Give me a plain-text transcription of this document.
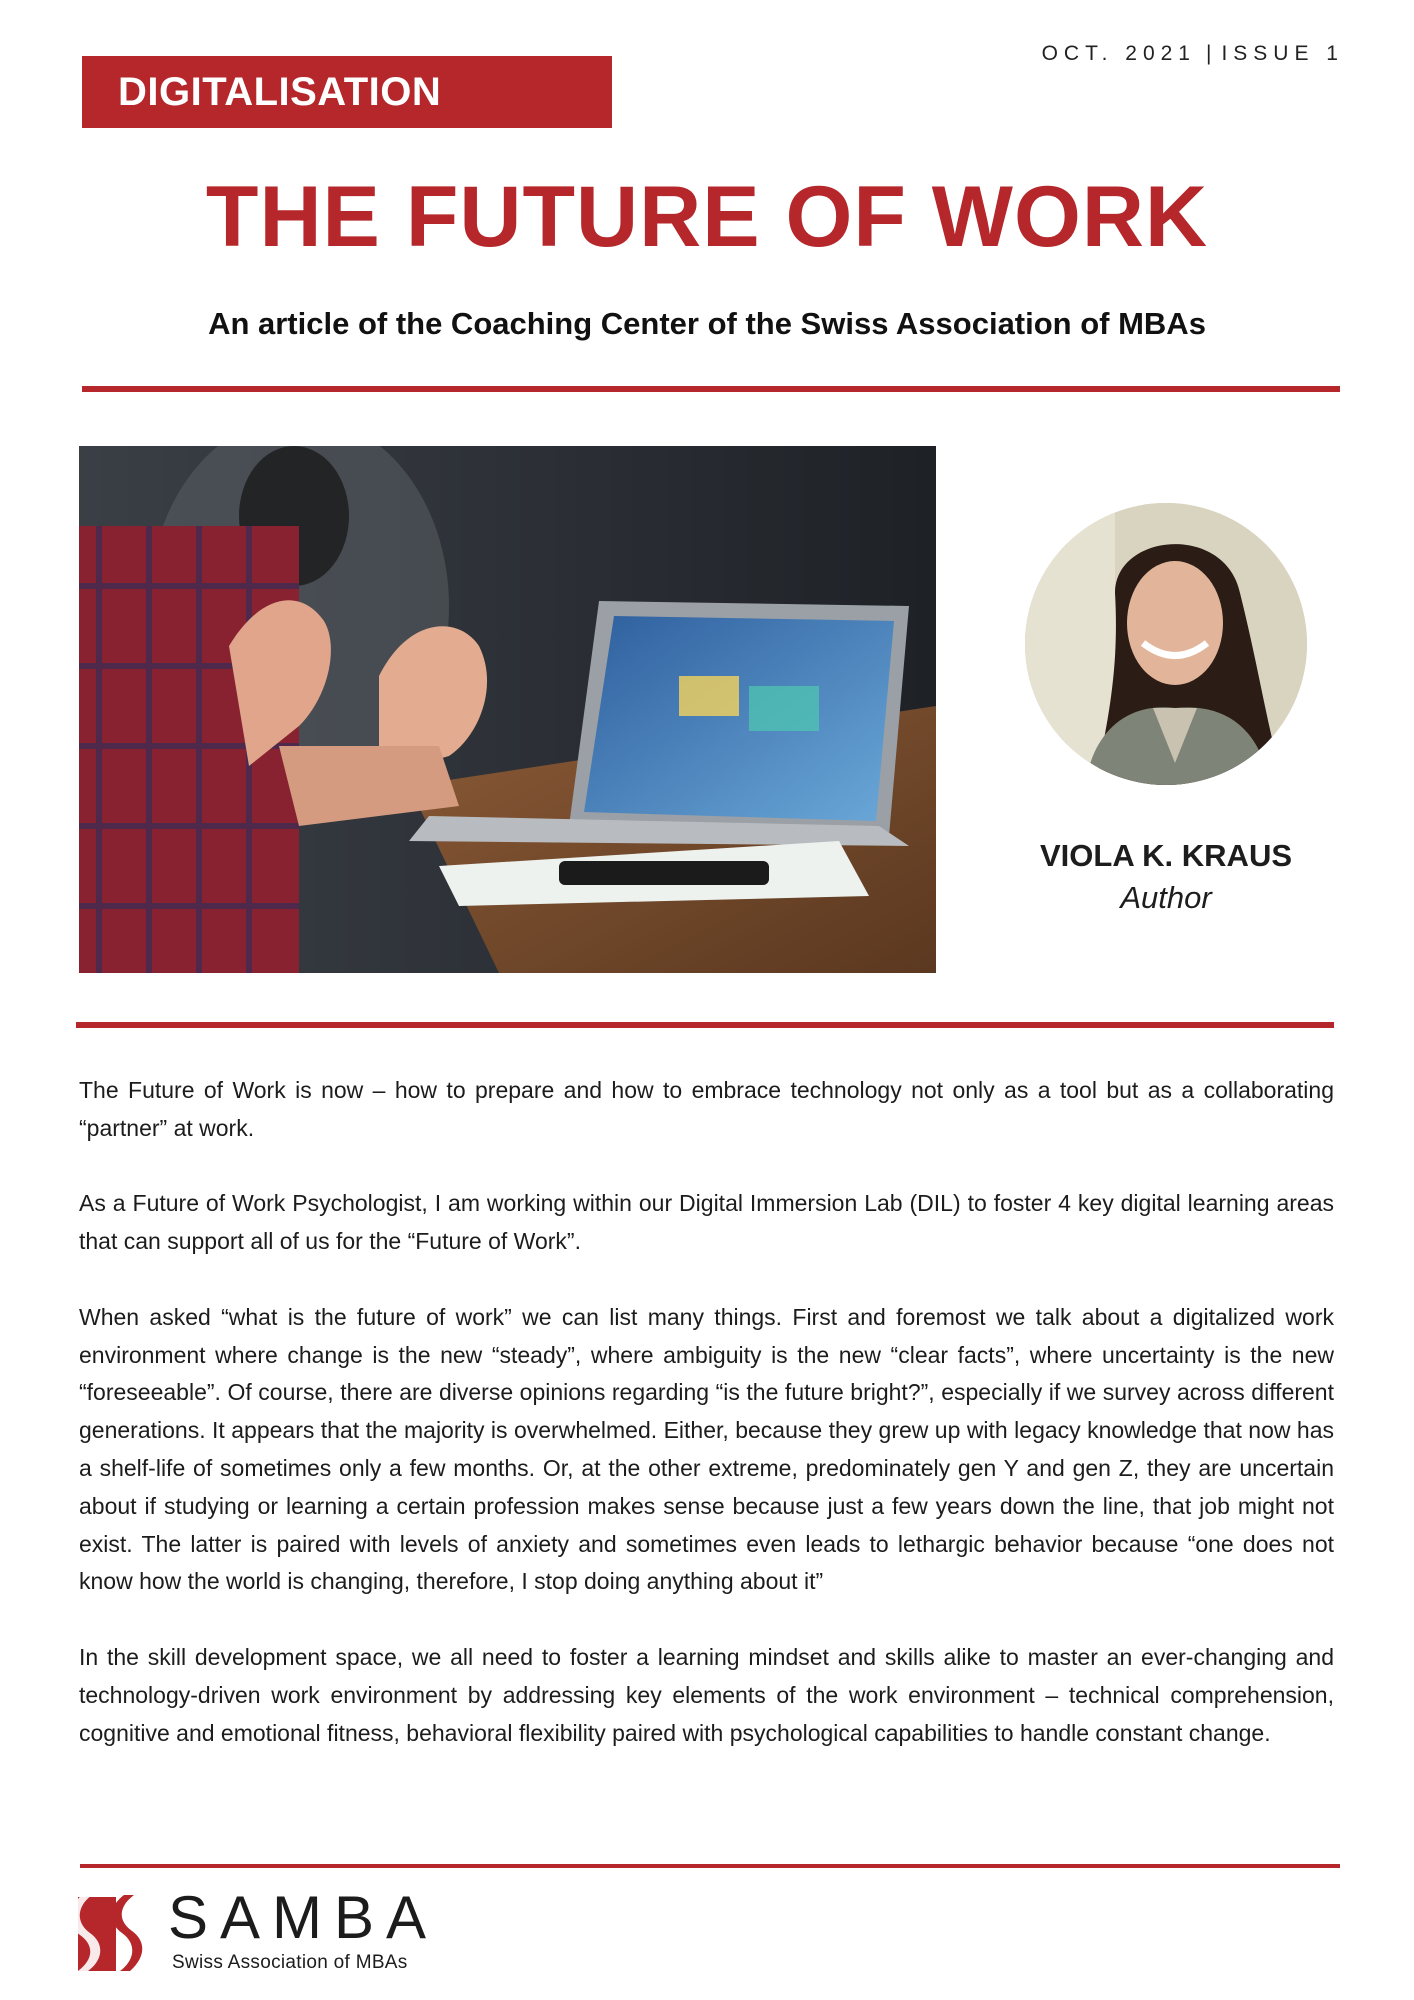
DIGITALISATION
OCT. 2021 | ISSUE 1
THE FUTURE OF WORK
An article of the Coaching Center of the Swiss Association of MBAs
VIOLA K. KRAUS
Author

The Future of Work is now – how to prepare and how to embrace technology not only as a tool but as a collaborating “partner” at work.

As a Future of Work Psychologist, I am working within our Digital Immersion Lab (DIL) to foster 4 key digital learning areas that can support all of us for the “Future of Work”.

When asked “what is the future of work” we can list many things. First and foremost we talk about a digitalized work environment where change is the new “steady”, where ambiguity is the new “clear facts”, where uncertainty is the new “foreseeable”. Of course, there are diverse opinions regarding “is the future bright?”, especially if we survey across different generations. It appears that the majority is overwhelmed. Either, because they grew up with legacy knowledge that now has a shelf-life of sometimes only a few months. Or, at the other extreme, predominately gen Y and gen Z, they are uncertain about if studying or learning a certain profession makes sense because just a few years down the line, that job might not exist. The latter is paired with levels of anxiety and sometimes even leads to lethargic behavior because “one does not know how the world is changing, therefore, I stop doing anything about it”

In the skill development space, we all need to foster a learning mindset and skills alike to master an ever-changing and technology-driven work environment by addressing key elements of the work environment – technical comprehension, cognitive and emotional fitness, behavioral flexibility paired with psychological capabilities to handle constant change.

SAMBA
Swiss Association of MBAs
